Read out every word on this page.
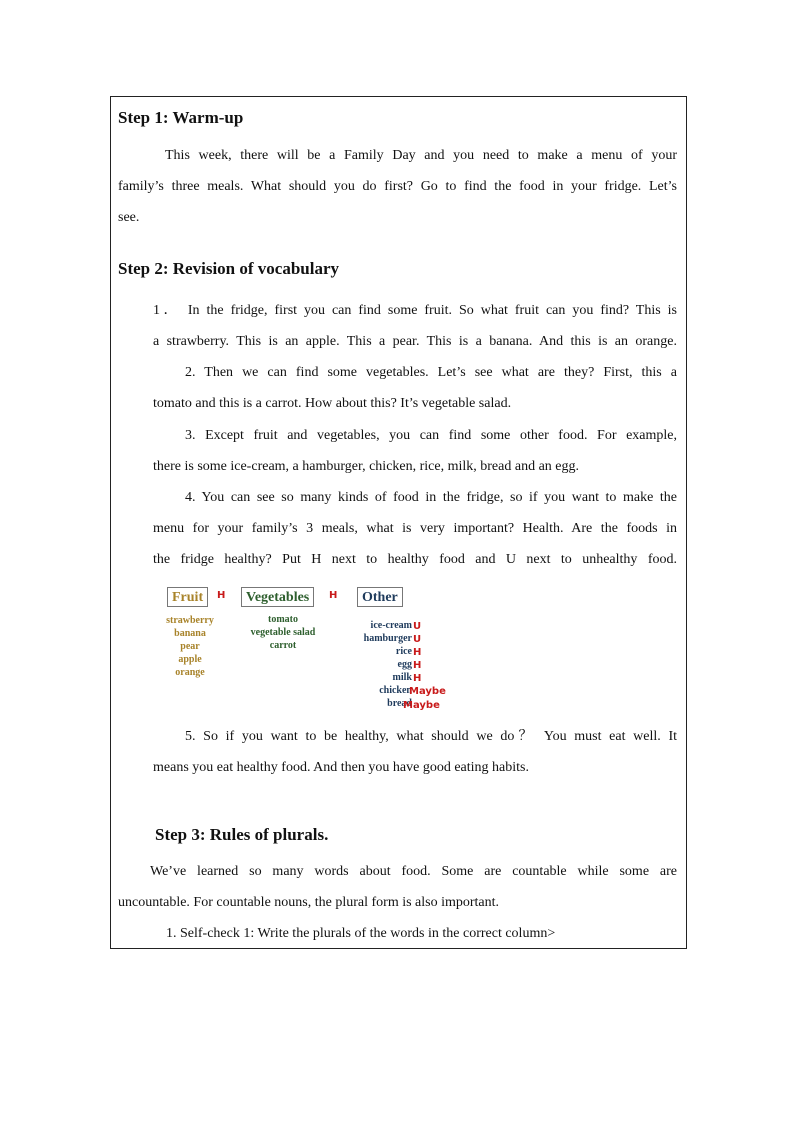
Step 1: Warm-up
This week, there will be a Family Day and you need to make a menu of your
family’s three meals. What should you do first? Go to find the food in your fridge. Let’s
see.
Step 2: Revision of vocabulary
1． In the fridge, first you can find some fruit. So what fruit can you find? This is
a strawberry. This is an apple. This a pear. This is a banana. And this is an orange.
2. Then we can find some vegetables. Let’s see what are they? First, this a
tomato and this is a carrot. How about this? It’s vegetable salad.
3. Except fruit and vegetables, you can find some other food. For example,
there is some ice-cream, a hamburger, chicken, rice, milk, bread and an egg.
4. You can see so many kinds of food in the fridge, so if you want to make the
menu for your family’s 3 meals, what is very important? Health. Are the foods in
the fridge healthy? Put H next to healthy food and U next to unhealthy food.
Fruit	H
strawberry
banana
pear
apple
orange
Vegetables	H
tomato
vegetable salad
carrot
Other
ice-cream
hamburger
rice
egg
milk
chicken
bread
U
U
H
H
H
Maybe
Maybe
5. So if you want to be healthy, what should we do？ You must eat well. It
means you eat healthy food. And then you have good eating habits.
Step 3: Rules of plurals.
We’ve learned so many words about food. Some are countable while some are
uncountable. For countable nouns, the plural form is also important.
1. Self-check 1: Write the plurals of the words in the correct column>
